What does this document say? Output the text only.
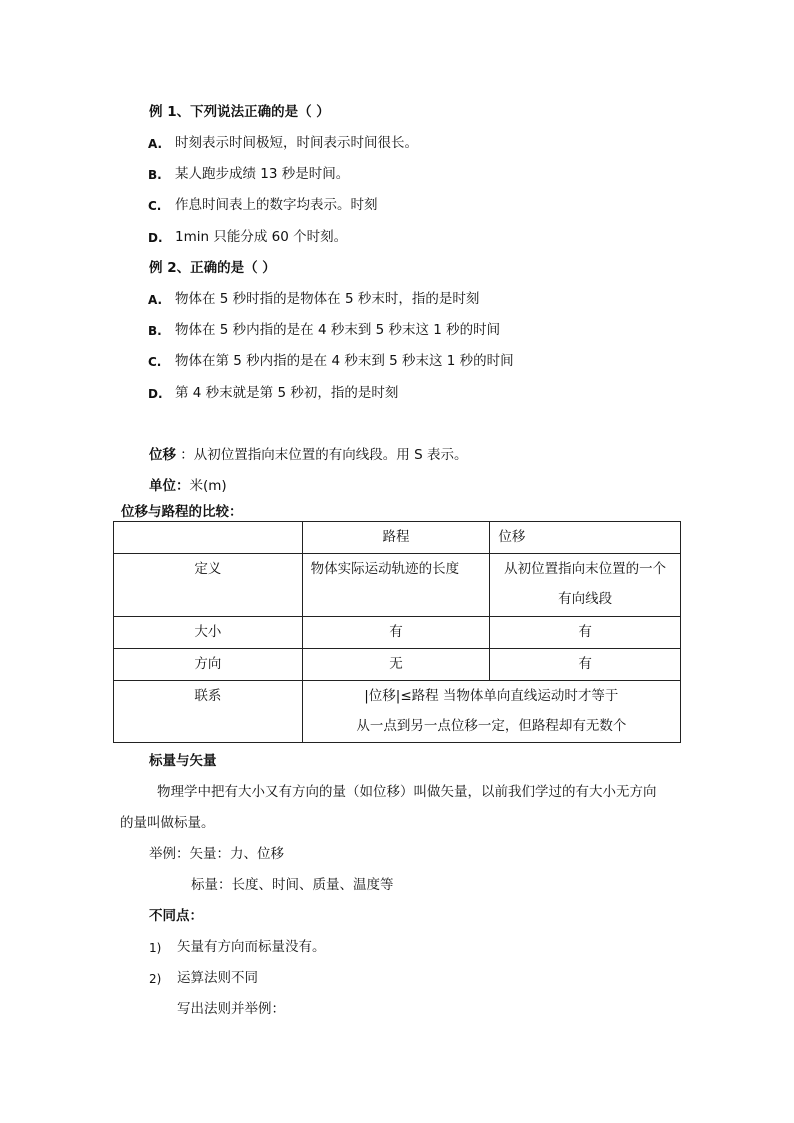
例 1、下列说法正确的是（ ）
A. 时刻表示时间极短，时间表示时间很长。
B. 某人跑步成绩 13 秒是时间。
C.	作息时间表上的数字均表示。时刻
D. 1min 只能分成 60 个时刻。
例 2、正确的是（ ）
A. 物体在 5 秒时指的是物体在 5 秒末时，指的是时刻
B. 物体在 5 秒内指的是在 4 秒末到 5 秒末这 1 秒的时间
C.	物体在第 5 秒内指的是在 4 秒末到 5 秒末这 1 秒的时间
D. 第 4 秒末就是第 5 秒初，指的是时刻
位移 ：从初位置指向末位置的有向线段。用 S 表示。
单位：米(m)
位移与路程的比较：

	路程	位移

定义	物体实际运动轨迹的长度	从初位置指向末位置的一个
有向线段

大小	有	有

方向	无	有

联系	|位移|≤路程 当物体单向直线运动时才等于
从一点到另一点位移一定，但路程却有无数个	
标量与矢量
物理学中把有大小又有方向的量（如位移）叫做矢量，以前我们学过的有大小无方向
的量叫做标量。
举例：矢量：力、位移
标量：长度、时间、质量、温度等
不同点：
1) 矢量有方向而标量没有。
2) 运算法则不同
写出法则并举例：
